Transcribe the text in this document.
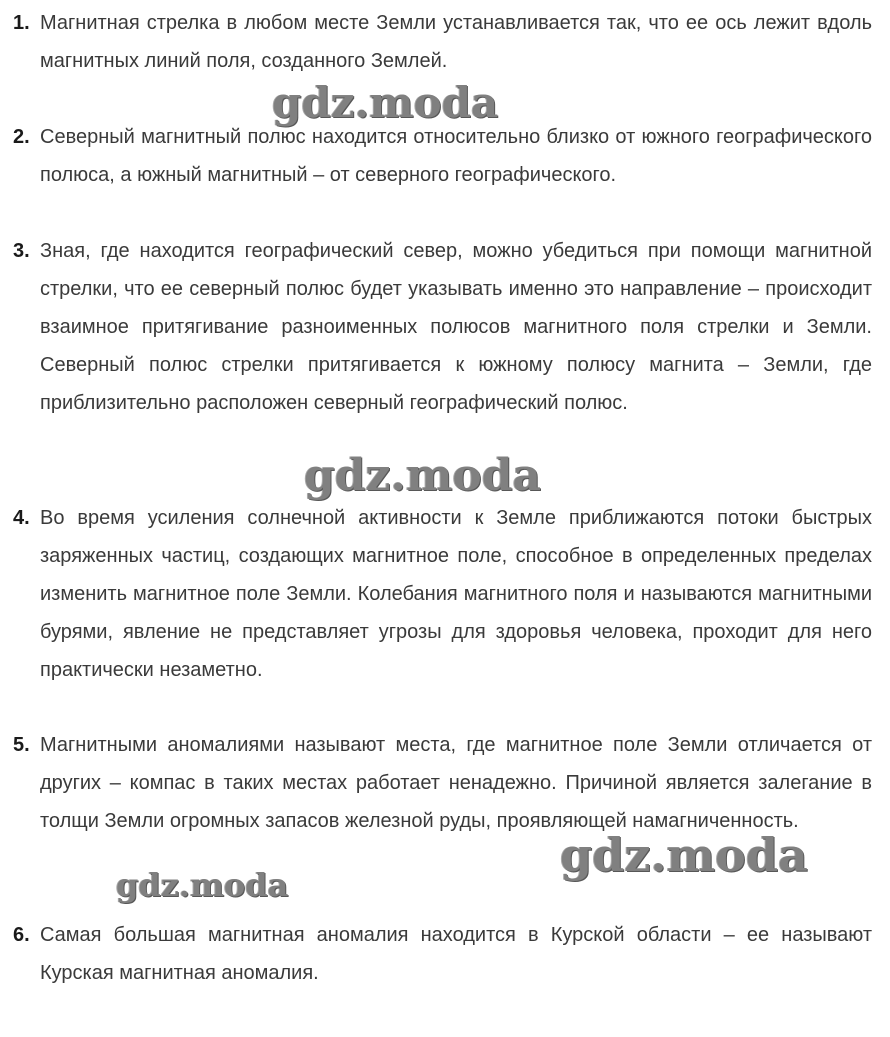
1. Магнитная стрелка в любом месте Земли устанавливается так, что ее ось лежит вдоль магнитных линий поля, созданного Землей.
gdz.moda
2. Северный магнитный полюс находится относительно близко от южного географического полюса, а южный магнитный – от северного географического.
3. Зная, где находится географический север, можно убедиться при помощи магнитной стрелки, что ее северный полюс будет указывать именно это направление – происходит взаимное притягивание разноименных полюсов магнитного поля стрелки и Земли. Северный полюс стрелки притягивается к южному полюсу магнита – Земли, где приблизительно расположен северный географический полюс.
gdz.moda
4. Во время усиления солнечной активности к Земле приближаются потоки быстрых заряженных частиц, создающих магнитное поле, способное в определенных пределах изменить магнитное поле Земли. Колебания магнитного поля и называются магнитными бурями, явление не представляет угрозы для здоровья человека, проходит для него практически незаметно.
5. Магнитными аномалиями называют места, где магнитное поле Земли отличается от других – компас в таких местах работает ненадежно. Причиной является залегание в толщи Земли огромных запасов железной руды, проявляющей намагниченность.
gdz.moda
gdz.moda
6. Самая большая магнитная аномалия находится в Курской области – ее называют Курская магнитная аномалия.
